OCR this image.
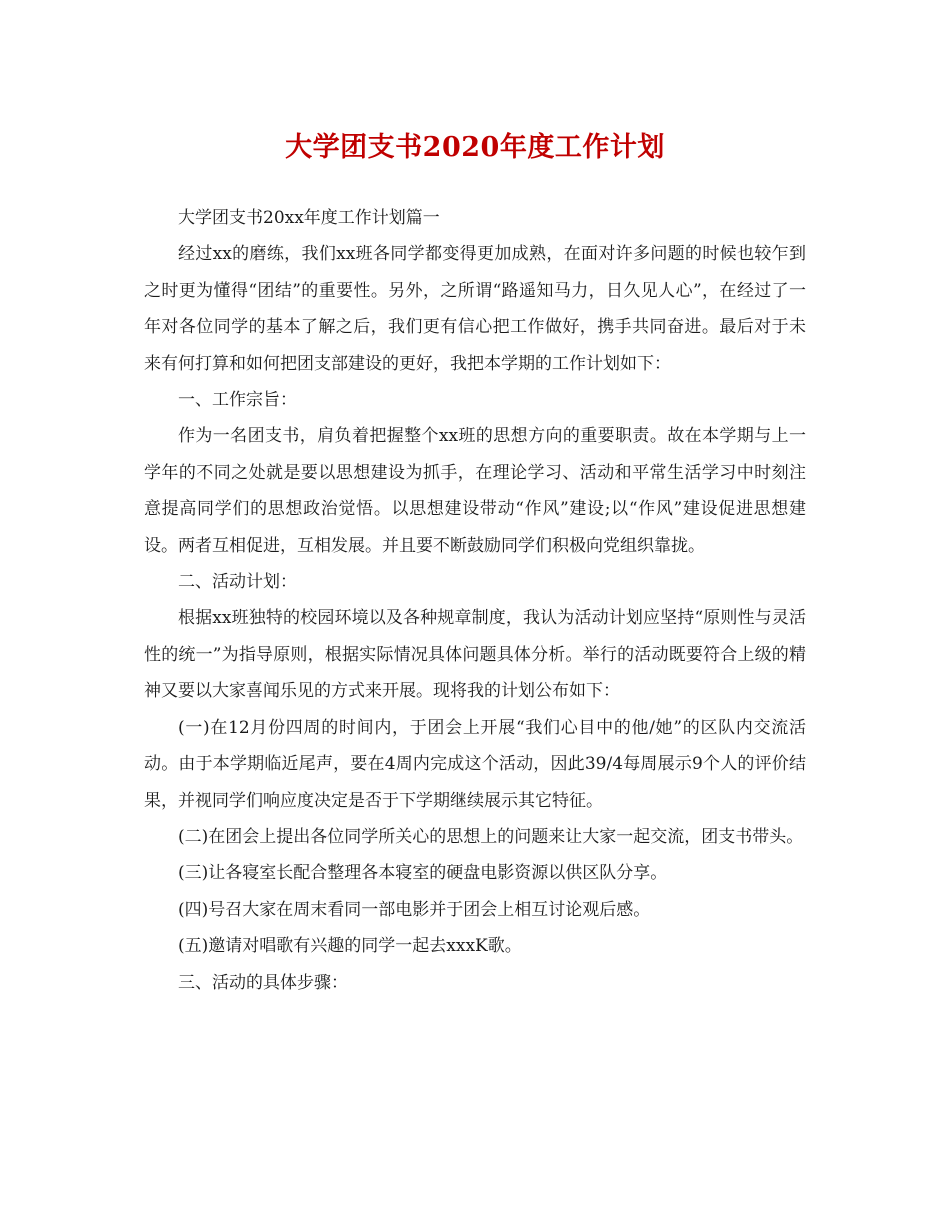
大学团支书2020年度工作计划

大学团支书20xx年度工作计划篇一

经过xx的磨练，我们xx班各同学都变得更加成熟，在面对许多问题的时候也较乍到之时更为懂得“团结”的重要性。另外，之所谓“路遥知马力，日久见人心”，在经过了一年对各位同学的基本了解之后，我们更有信心把工作做好，携手共同奋进。最后对于未来有何打算和如何把团支部建设的更好，我把本学期的工作计划如下：

一、工作宗旨：

作为一名团支书，肩负着把握整个xx班的思想方向的重要职责。故在本学期与上一学年的不同之处就是要以思想建设为抓手，在理论学习、活动和平常生活学习中时刻注意提高同学们的思想政治觉悟。以思想建设带动“作风”建设;以“作风”建设促进思想建设。两者互相促进，互相发展。并且要不断鼓励同学们积极向党组织靠拢。

二、活动计划：

根据xx班独特的校园环境以及各种规章制度，我认为活动计划应坚持“原则性与灵活性的统一”为指导原则，根据实际情况具体问题具体分析。举行的活动既要符合上级的精神又要以大家喜闻乐见的方式来开展。现将我的计划公布如下：

(一)在12月份四周的时间内，于团会上开展“我们心目中的他/她”的区队内交流活动。由于本学期临近尾声，要在4周内完成这个活动，因此39/4每周展示9个人的评价结果，并视同学们响应度决定是否于下学期继续展示其它特征。

(二)在团会上提出各位同学所关心的思想上的问题来让大家一起交流，团支书带头。

(三)让各寝室长配合整理各本寝室的硬盘电影资源以供区队分享。

(四)号召大家在周末看同一部电影并于团会上相互讨论观后感。

(五)邀请对唱歌有兴趣的同学一起去xxxK歌。

三、活动的具体步骤：
